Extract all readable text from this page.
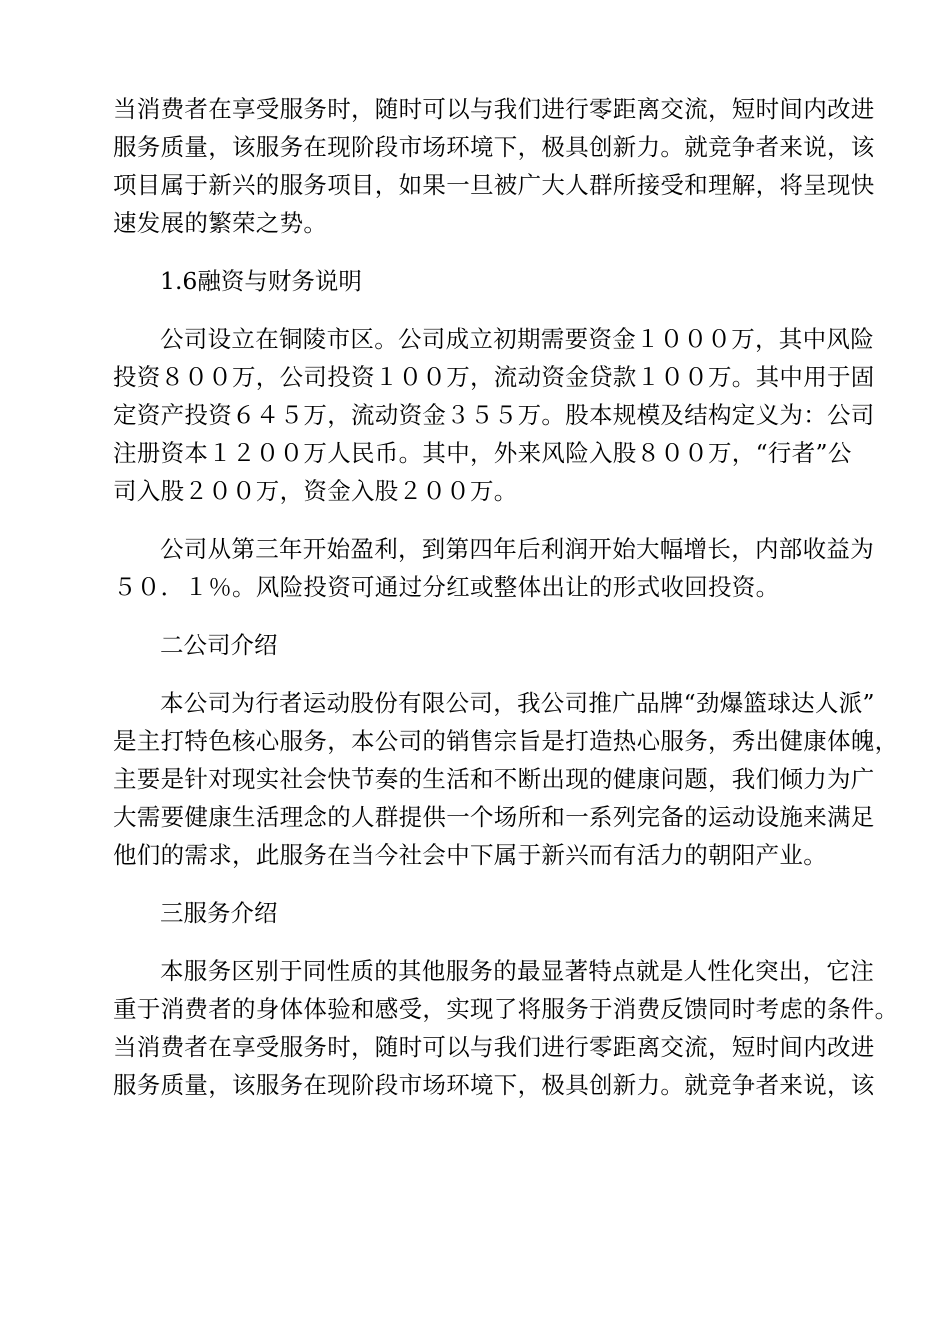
当消费者在享受服务时，随时可以与我们进行零距离交流，短时间内改进
服务质量，该服务在现阶段市场环境下，极具创新力。就竞争者来说，该
项目属于新兴的服务项目，如果一旦被广大人群所接受和理解，将呈现快
速发展的繁荣之势。
1.6融资与财务说明
公司设立在铜陵市区。公司成立初期需要资金１０００万，其中风险
投资８００万，公司投资１００万，流动资金贷款１００万。其中用于固
定资产投资６４５万，流动资金３５５万。股本规模及结构定义为：公司
注册资本１２００万人民币。其中，外来风险入股８００万，“行者”公
司入股２００万，资金入股２００万。
公司从第三年开始盈利，到第四年后利润开始大幅增长，内部收益为
５０．１％。风险投资可通过分红或整体出让的形式收回投资。
二公司介绍
本公司为行者运动股份有限公司，我公司推广品牌“劲爆篮球达人派”
是主打特色核心服务，本公司的销售宗旨是打造热心服务，秀出健康体魄，
主要是针对现实社会快节奏的生活和不断出现的健康问题，我们倾力为广
大需要健康生活理念的人群提供一个场所和一系列完备的运动设施来满足
他们的需求，此服务在当今社会中下属于新兴而有活力的朝阳产业。
三服务介绍
本服务区别于同性质的其他服务的最显著特点就是人性化突出，它注
重于消费者的身体体验和感受，实现了将服务于消费反馈同时考虑的条件。
当消费者在享受服务时，随时可以与我们进行零距离交流，短时间内改进
服务质量，该服务在现阶段市场环境下，极具创新力。就竞争者来说，该
